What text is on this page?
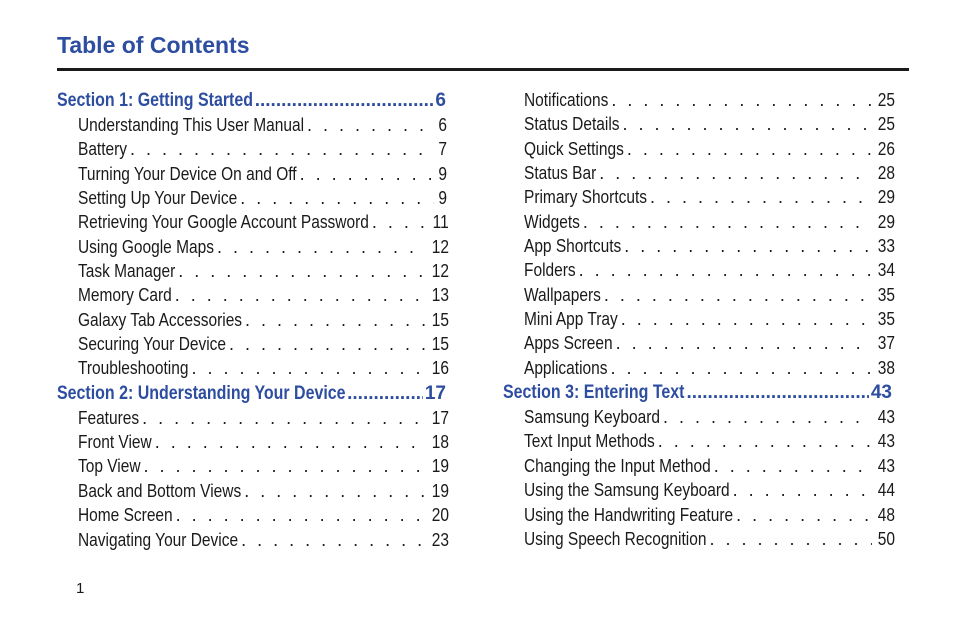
Table of Contents
Section 1: Getting Started .....	6
Understanding This User Manual . . .	6
Battery . . .	7
Turning Your Device On and Off . . .	9
Setting Up Your Device . . .	9
Retrieving Your Google Account Password . . .	11
Using Google Maps . . .	12
Task Manager . . .	12
Memory Card . . .	13
Galaxy Tab Accessories . . .	15
Securing Your Device . . .	15
Troubleshooting . . .	16
Section 2: Understanding Your Device .....	17
Features . . .	17
Front View . . .	18
Top View . . .	19
Back and Bottom Views . . .	19
Home Screen . . .	20
Navigating Your Device . . .	23
Notifications . . .	25
Status Details . . .	25
Quick Settings . . .	26
Status Bar . . .	28
Primary Shortcuts . . .	29
Widgets . . .	29
App Shortcuts . . .	33
Folders . . .	34
Wallpapers . . .	35
Mini App Tray . . .	35
Apps Screen . . .	37
Applications . . .	38
Section 3: Entering Text .....	43
Samsung Keyboard . . .	43
Text Input Methods . . .	43
Changing the Input Method . . .	43
Using the Samsung Keyboard . . .	44
Using the Handwriting Feature . . .	48
Using Speech Recognition . . .	50
1
